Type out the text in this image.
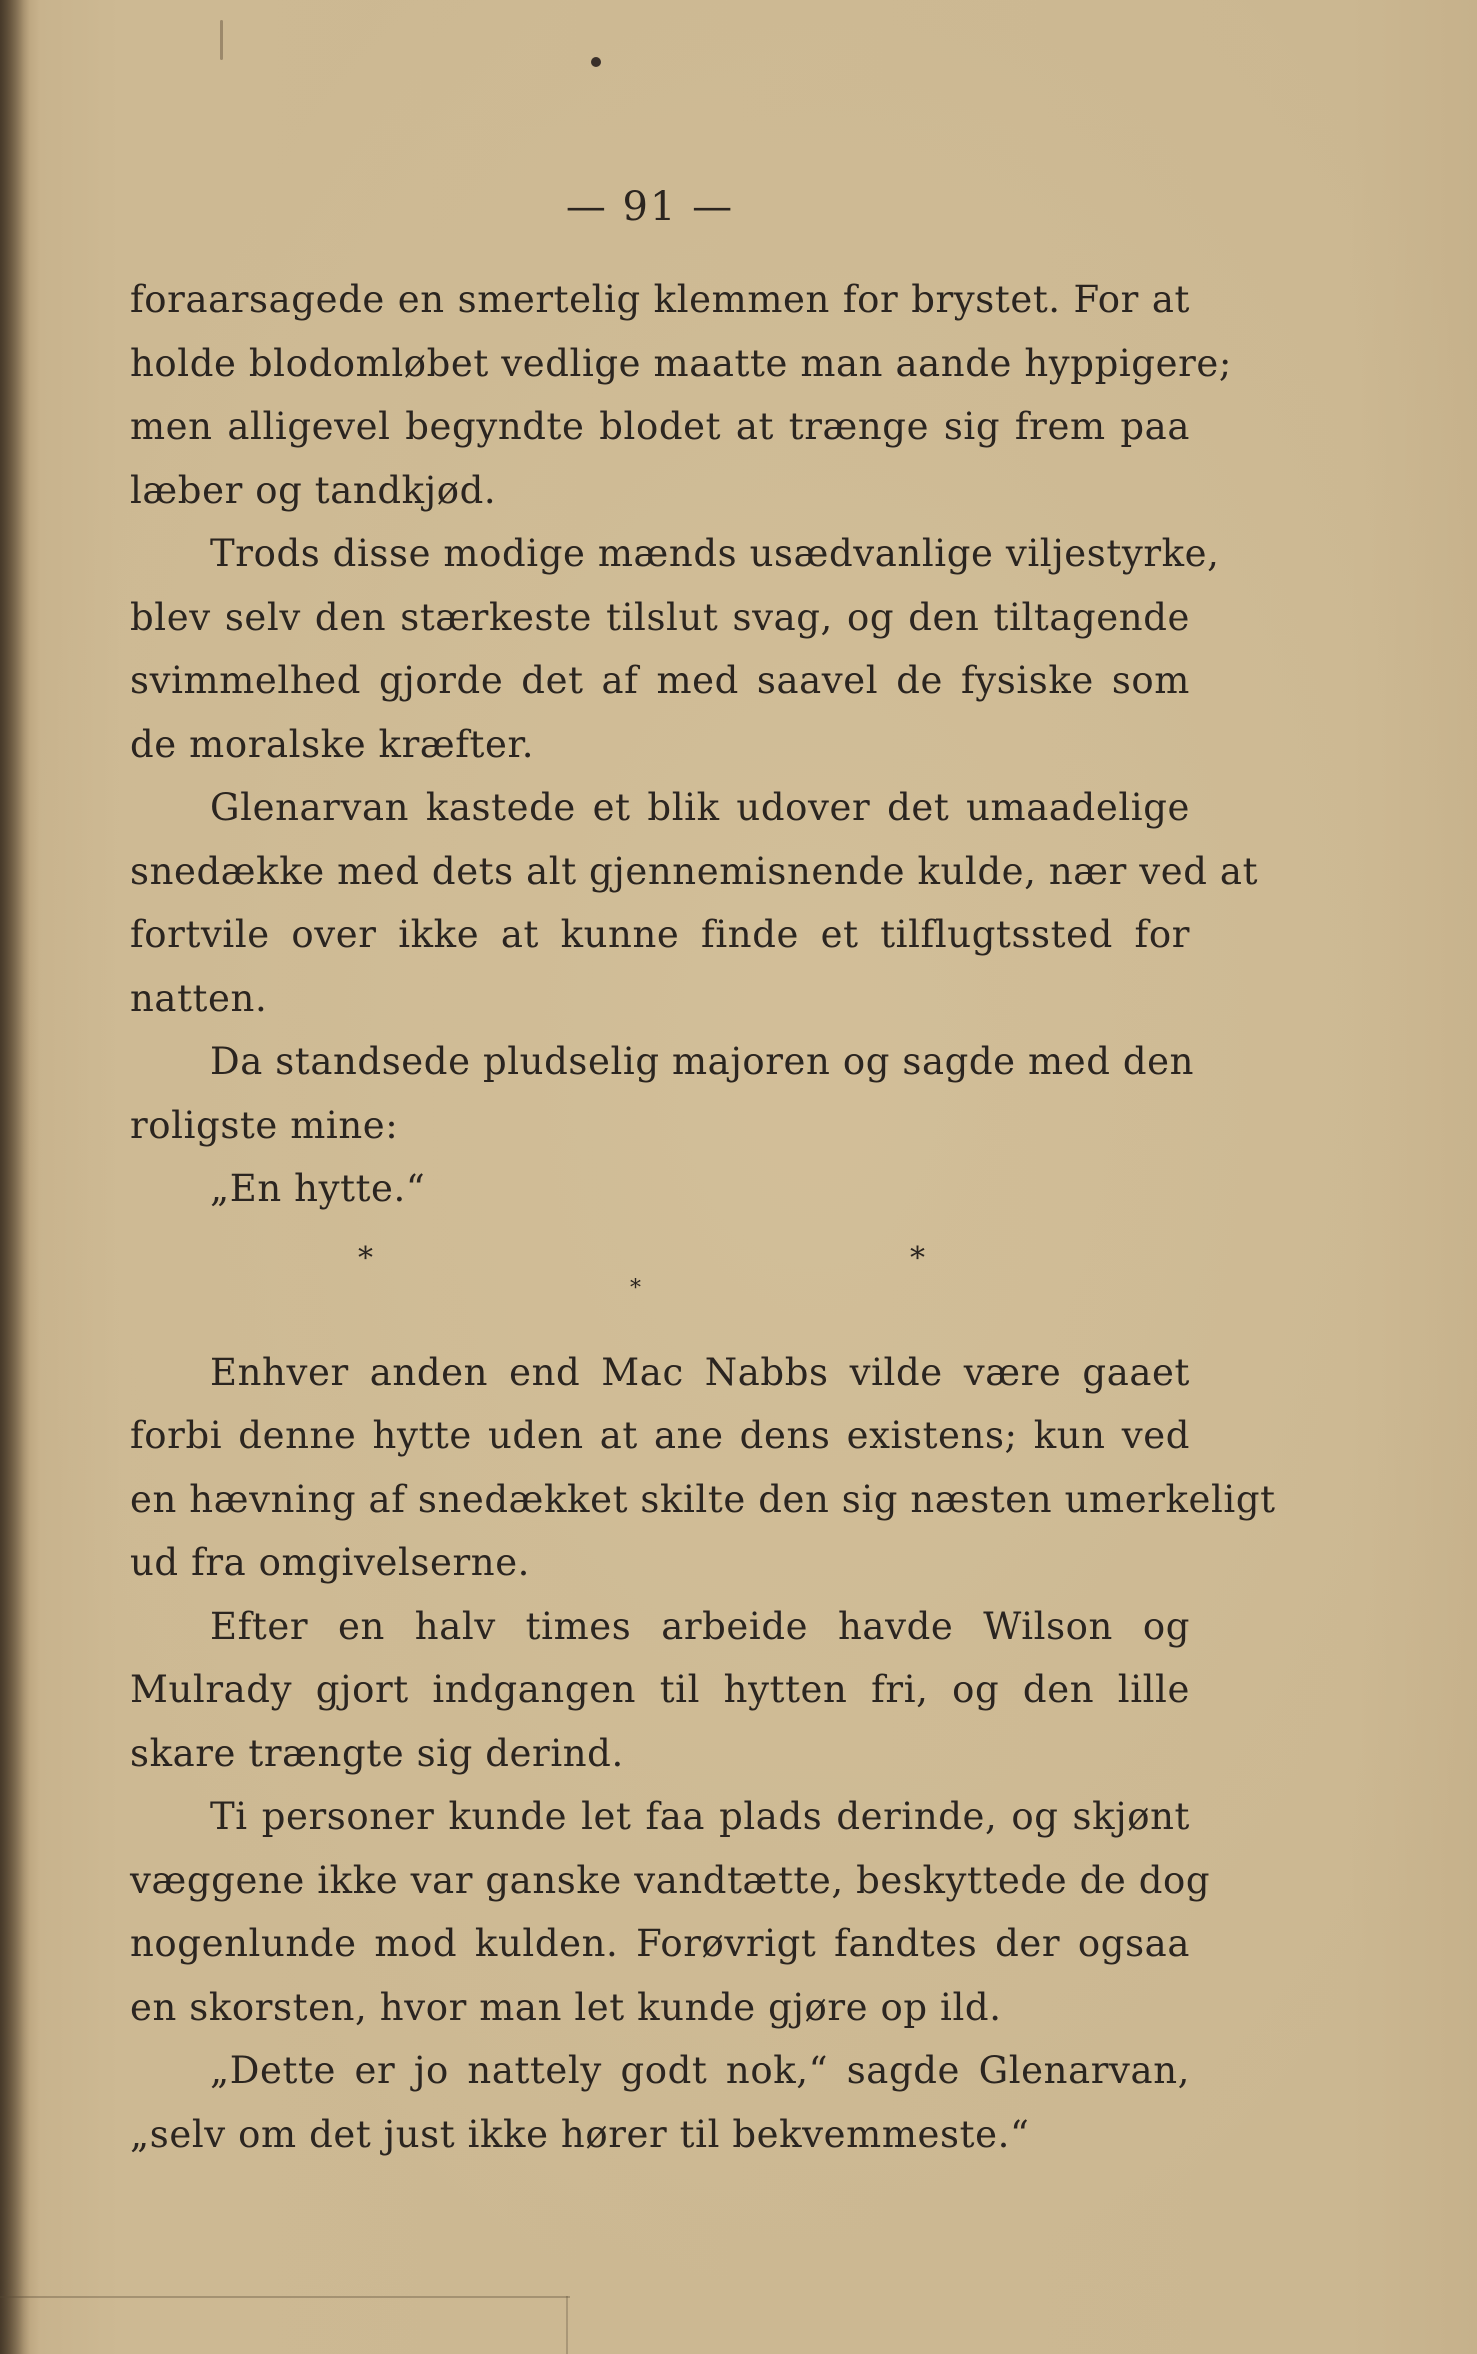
— 91 —
foraarsagede en smertelig klemmen for brystet. For at
holde blodomløbet vedlige maatte man aande hyppigere;
men alligevel begyndte blodet at trænge sig frem paa
læber og tandkjød.
Trods disse modige mænds usædvanlige viljestyrke,
blev selv den stærkeste tilslut svag, og den tiltagende
svimmelhed gjorde det af med saavel de fysiske som
de moralske kræfter.
Glenarvan kastede et blik udover det umaadelige
snedække med dets alt gjennemisnende kulde, nær ved at
fortvile over ikke at kunne finde et tilflugtssted for
natten.
Da standsede pludselig majoren og sagde med den
roligste mine:
„En hytte.“
*
*
*
Enhver anden end Mac Nabbs vilde være gaaet
forbi denne hytte uden at ane dens existens; kun ved
en hævning af snedækket skilte den sig næsten umerkeligt
ud fra omgivelserne.
Efter en halv times arbeide havde Wilson og
Mulrady gjort indgangen til hytten fri, og den lille
skare trængte sig derind.
Ti personer kunde let faa plads derinde, og skjønt
væggene ikke var ganske vandtætte, beskyttede de dog
nogenlunde mod kulden. Forøvrigt fandtes der ogsaa
en skorsten, hvor man let kunde gjøre op ild.
„Dette er jo nattely godt nok,“ sagde Glenarvan,
„selv om det just ikke hører til bekvemmeste.“
